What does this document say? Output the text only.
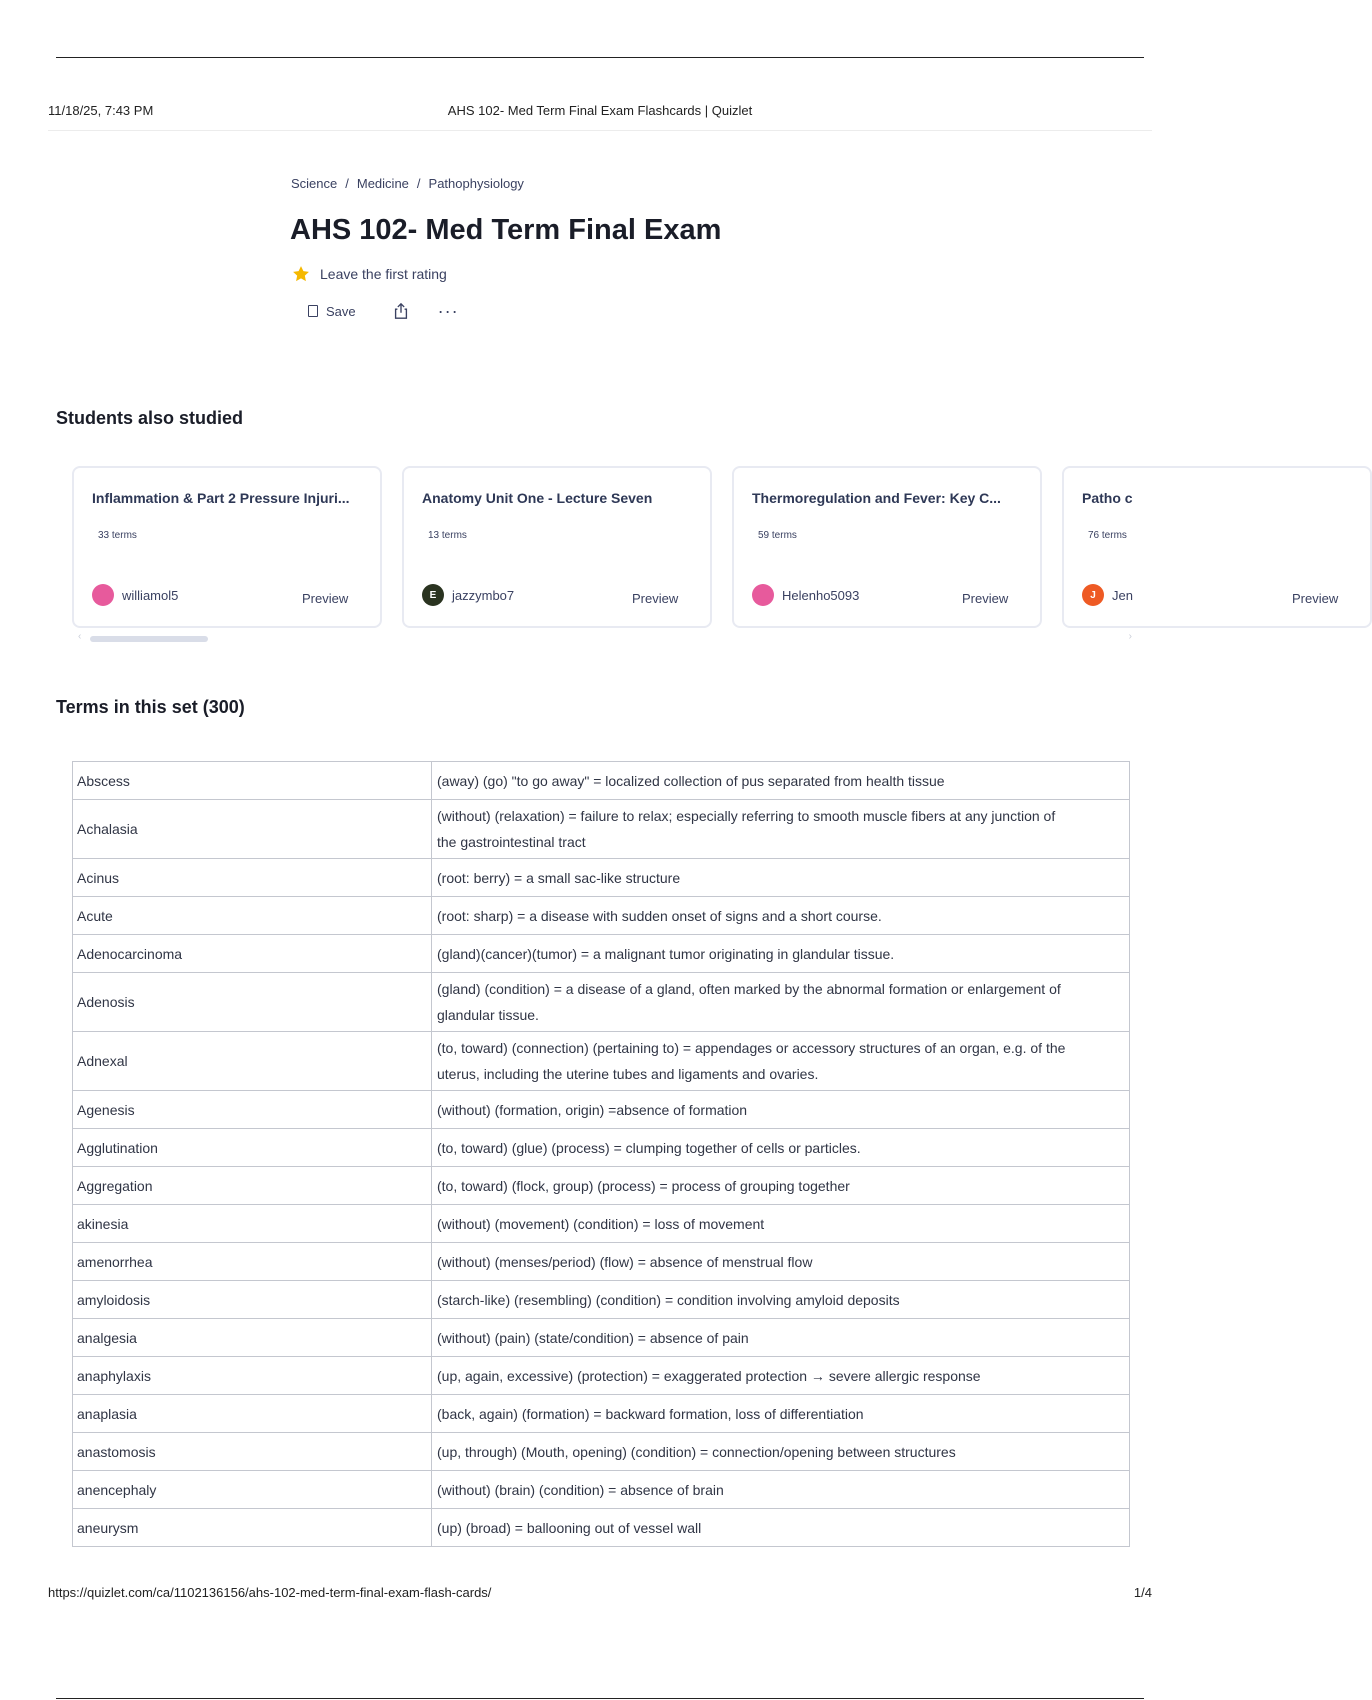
11/18/25, 7:43 PM	AHS 102- Med Term Final Exam Flashcards | Quizlet
Science / Medicine / Pathophysiology
AHS 102- Med Term Final Exam
Leave the first rating
Save	···
Students also studied
Inflammation & Part 2 Pressure Injuri...
33 terms
williamol5	Preview
Anatomy Unit One - Lecture Seven
13 terms
E	jazzymbo7	Preview
Thermoregulation and Fever: Key C...
59 terms
Helenho5093	Preview
Patho c
76 terms
J	Jen	Preview
‹	›
Terms in this set (300)
Abscess	(away) (go) "to go away" = localized collection of pus separated from health tissue
Achalasia	(without) (relaxation) = failure to relax; especially referring to smooth muscle fibers at any junction of the gastrointestinal tract
Acinus	(root: berry) = a small sac-like structure
Acute	(root: sharp) = a disease with sudden onset of signs and a short course.
Adenocarcinoma	(gland)(cancer)(tumor) = a malignant tumor originating in glandular tissue.
Adenosis	(gland) (condition) = a disease of a gland, often marked by the abnormal formation or enlargement of glandular tissue.
Adnexal	(to, toward) (connection) (pertaining to) = appendages or accessory structures of an organ, e.g. of the uterus, including the uterine tubes and ligaments and ovaries.
Agenesis	(without) (formation, origin) =absence of formation
Agglutination	(to, toward) (glue) (process) = clumping together of cells or particles.
Aggregation	(to, toward) (flock, group) (process) = process of grouping together
akinesia	(without) (movement) (condition) = loss of movement
amenorrhea	(without) (menses/period) (flow) = absence of menstrual flow
amyloidosis	(starch-like) (resembling) (condition) = condition involving amyloid deposits
analgesia	(without) (pain) (state/condition) = absence of pain
anaphylaxis	(up, again, excessive) (protection) = exaggerated protection → severe allergic response
anaplasia	(back, again) (formation) = backward formation, loss of differentiation
anastomosis	(up, through) (Mouth, opening) (condition) = connection/opening between structures
anencephaly	(without) (brain) (condition) = absence of brain
aneurysm	(up) (broad) = ballooning out of vessel wall
https://quizlet.com/ca/1102136156/ahs-102-med-term-final-exam-flash-cards/	1/4
